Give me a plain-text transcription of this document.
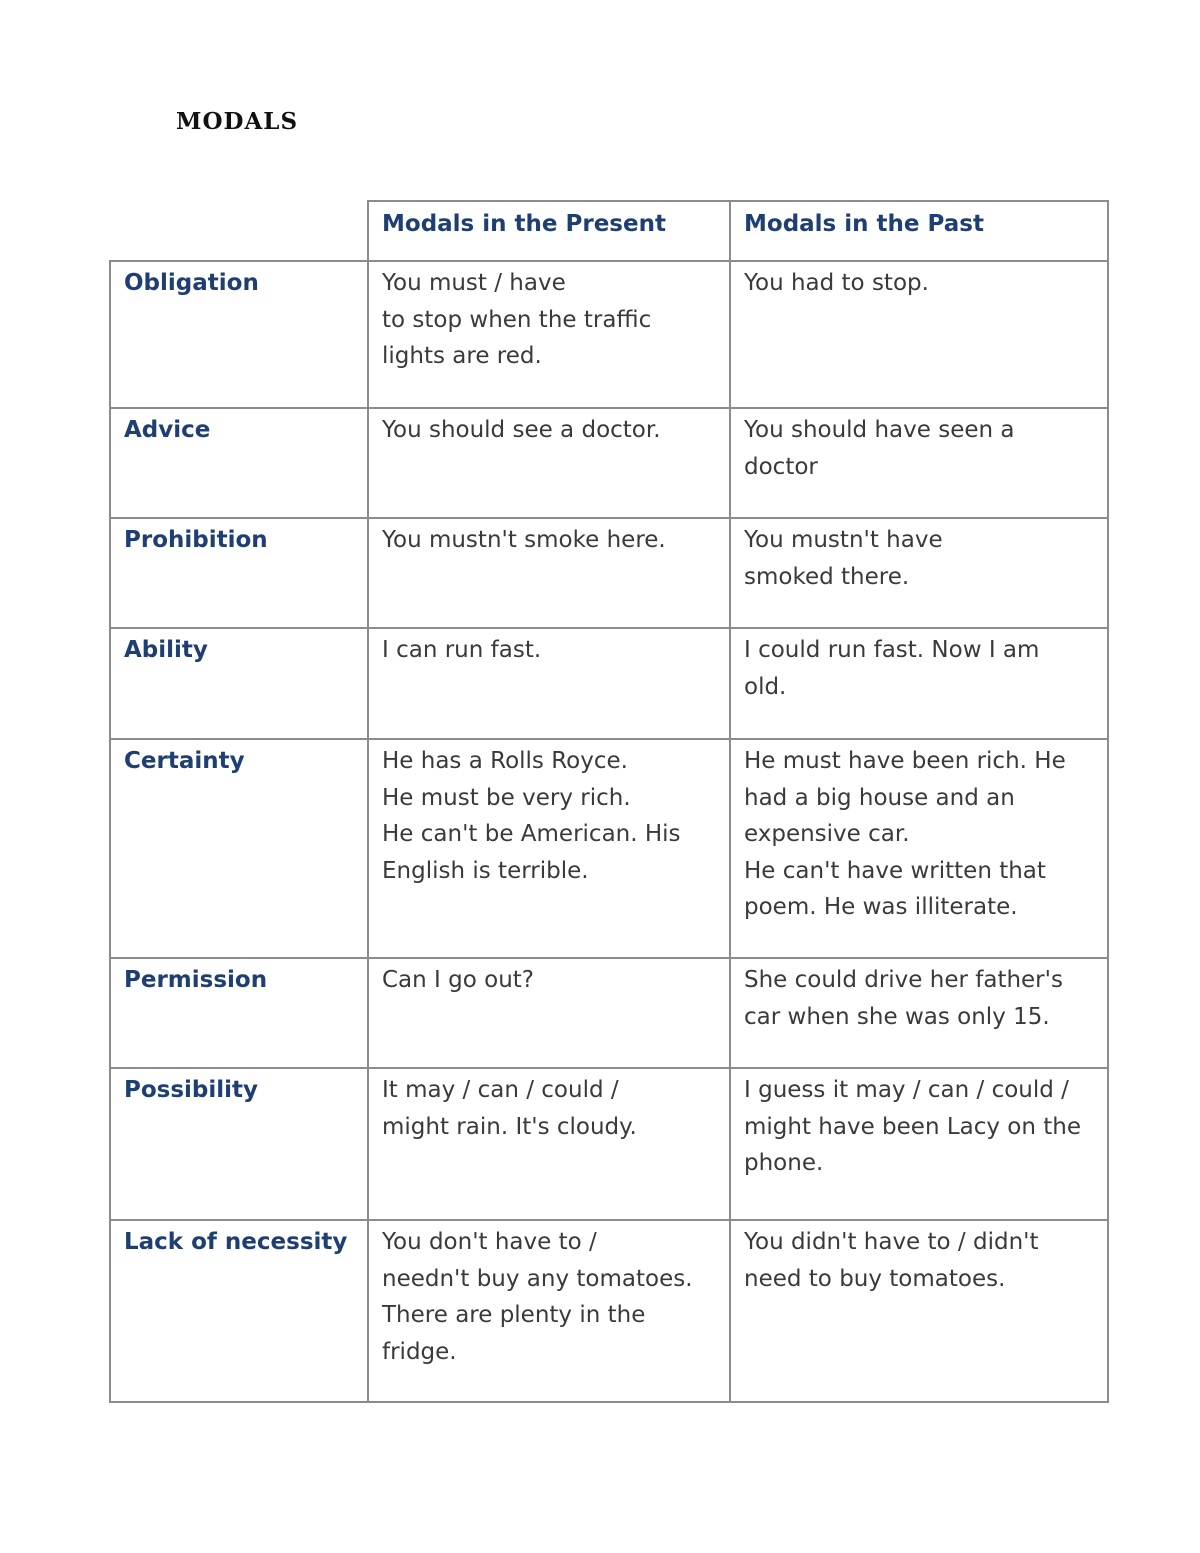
MODALS
	Modals in the Present	Modals in the Past
Obligation	You must / have
to stop when the traffic
lights are red.	You had to stop.
Advice	You should see a doctor.	You should have seen a
doctor
Prohibition	You mustn't smoke here.	You mustn't have
smoked there.
Ability	I can run fast.	I could run fast. Now I am
old.
Certainty	He has a Rolls Royce.
He must be very rich.
He can't be American. His
English is terrible.	He must have been rich. He
had a big house and an
expensive car.
He can't have written that
poem. He was illiterate.
Permission	Can I go out?	She could drive her father's
car when she was only 15.
Possibility	It may / can / could /
might rain. It's cloudy.	I guess it may / can / could /
might have been Lacy on the
phone.
Lack of necessity	You don't have to /
needn't buy any tomatoes.
There are plenty in the
fridge.	You didn't have to / didn't
need to buy tomatoes.
